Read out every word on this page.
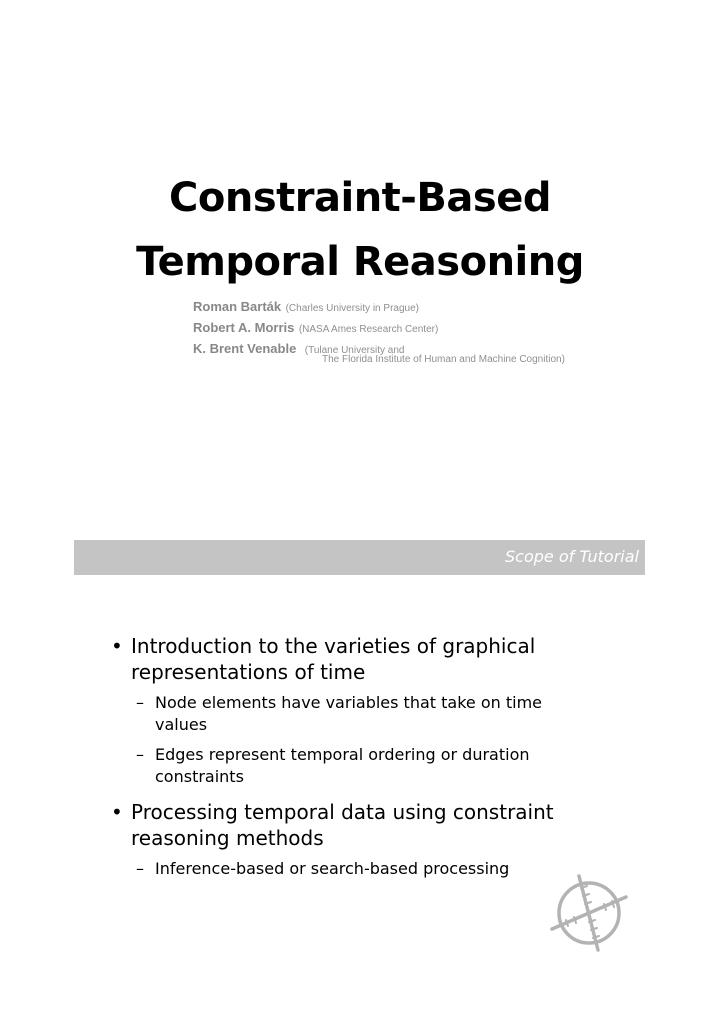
Constraint-Based
Temporal Reasoning
Roman Barták (Charles University in Prague)
Robert A. Morris (NASA Ames Research Center)
K. Brent Venable (Tulane University and
The Florida Institute of Human and Machine Cognition)
Scope of Tutorial
• Introduction to the varieties of graphical
representations of time
– Node elements have variables that take on time
values
– Edges represent temporal ordering or duration
constraints
• Processing temporal data using constraint
reasoning methods
– Inference-based or search-based processing
